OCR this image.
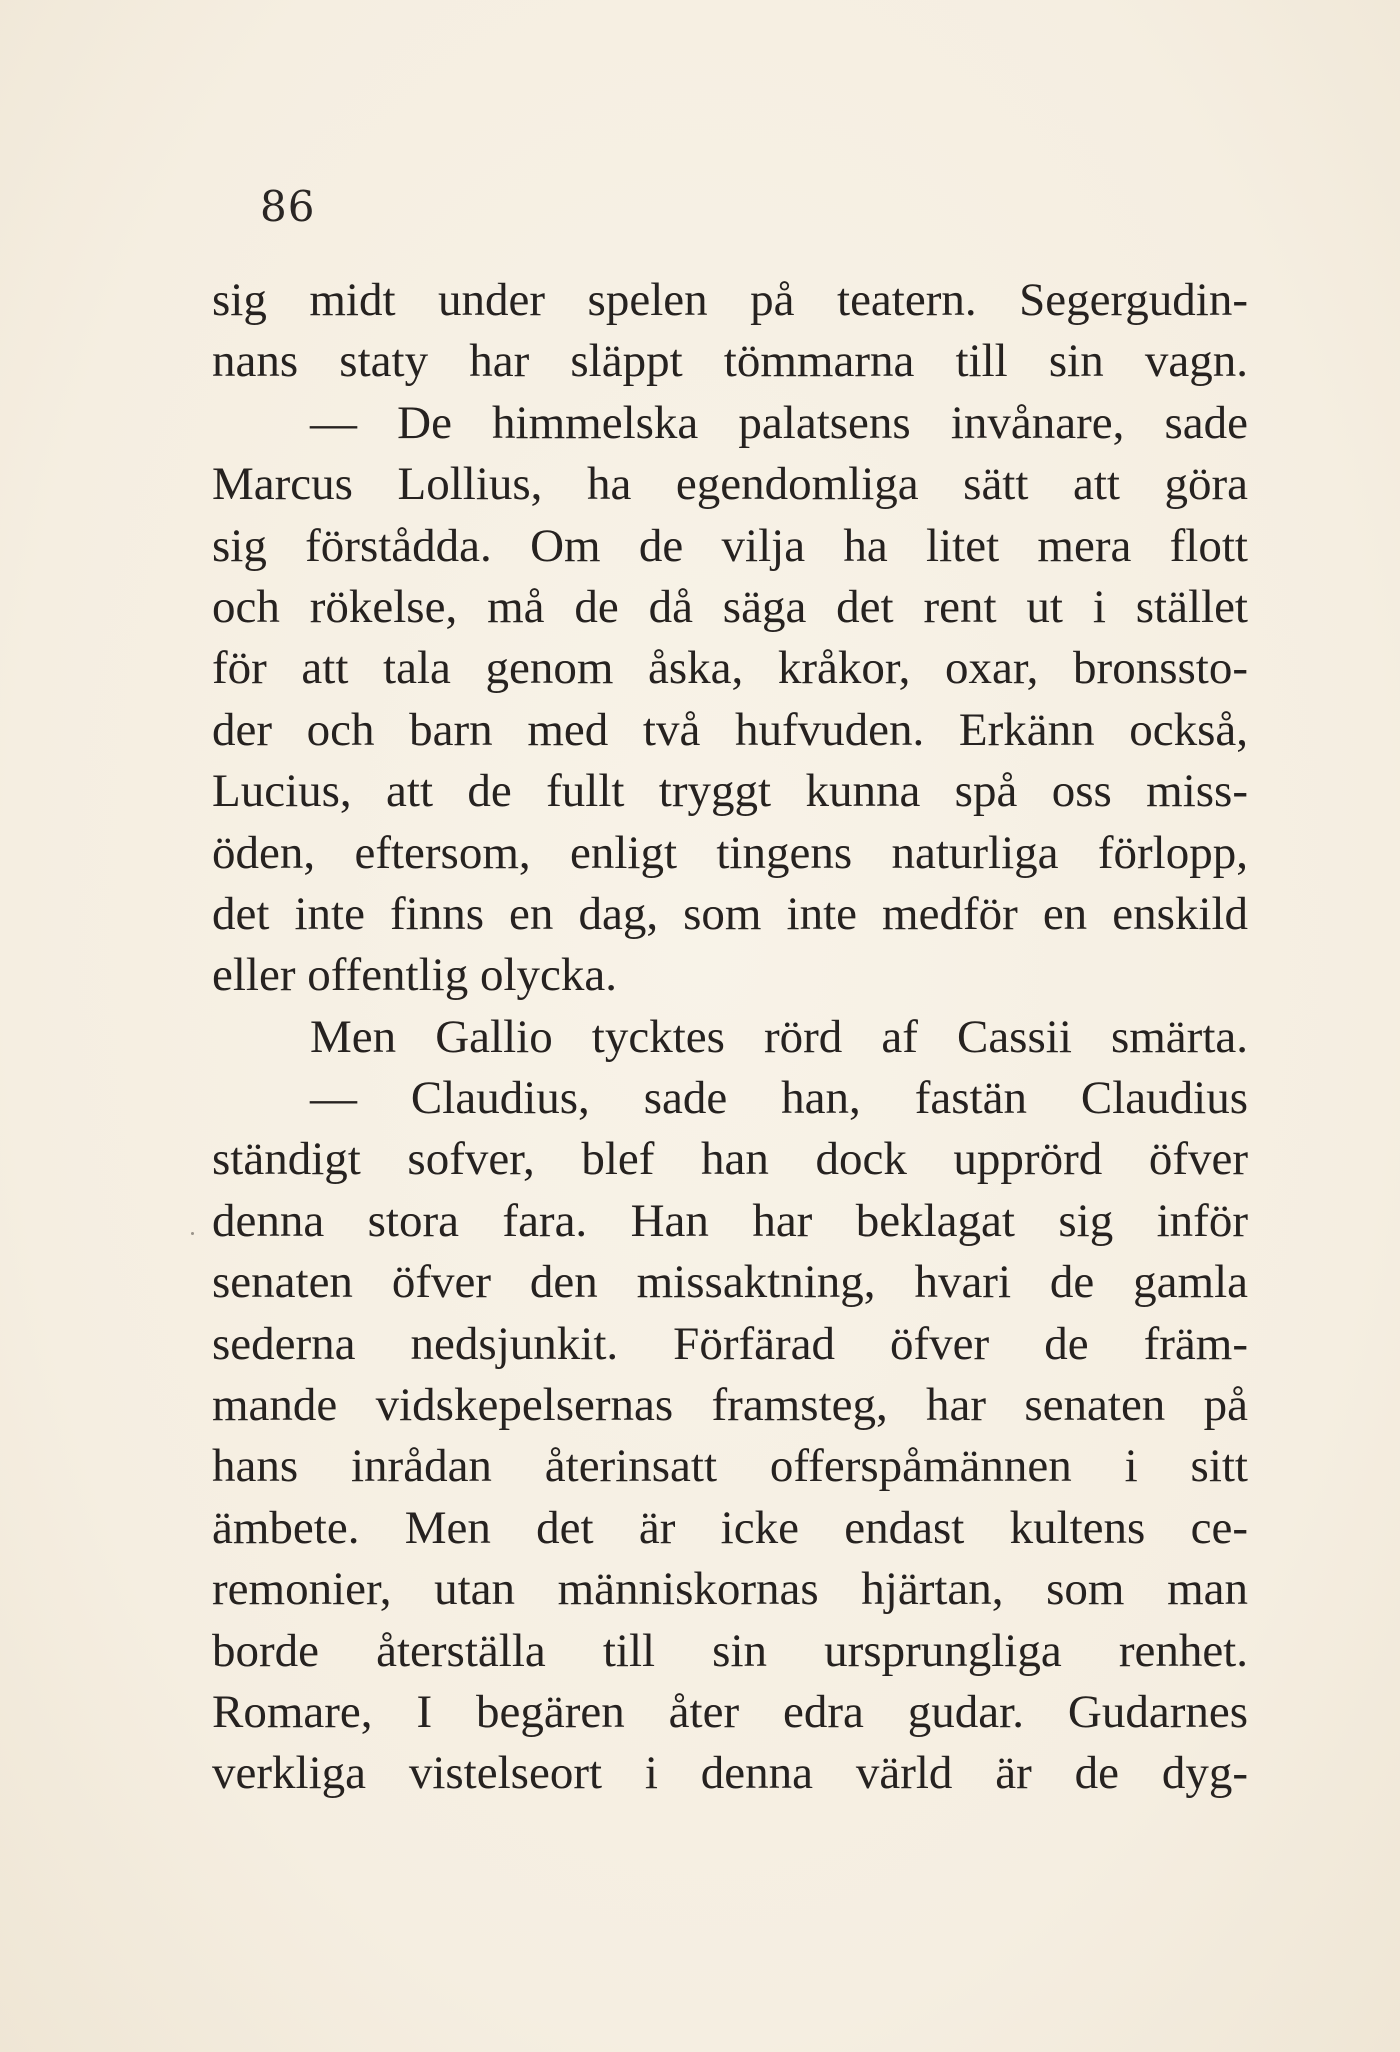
86
sig midt under spelen på teatern. Segergudin-
nans staty har släppt tömmarna till sin vagn.
— De himmelska palatsens invånare, sade
Marcus Lollius, ha egendomliga sätt att göra
sig förstådda. Om de vilja ha litet mera flott
och rökelse, må de då säga det rent ut i stället
för att tala genom åska, kråkor, oxar, bronssto-
der och barn med två hufvuden. Erkänn också,
Lucius, att de fullt tryggt kunna spå oss miss-
öden, eftersom, enligt tingens naturliga förlopp,
det inte finns en dag, som inte medför en enskild
eller offentlig olycka.
Men Gallio tycktes rörd af Cassii smärta.
— Claudius, sade han, fastän Claudius
ständigt sofver, blef han dock upprörd öfver
denna stora fara. Han har beklagat sig inför
senaten öfver den missaktning, hvari de gamla
sederna nedsjunkit. Förfärad öfver de främ-
mande vidskepelsernas framsteg, har senaten på
hans inrådan återinsatt offerspåmännen i sitt
ämbete. Men det är icke endast kultens ce-
remonier, utan människornas hjärtan, som man
borde återställa till sin ursprungliga renhet.
Romare, I begären åter edra gudar. Gudarnes
verkliga vistelseort i denna värld är de dyg-
